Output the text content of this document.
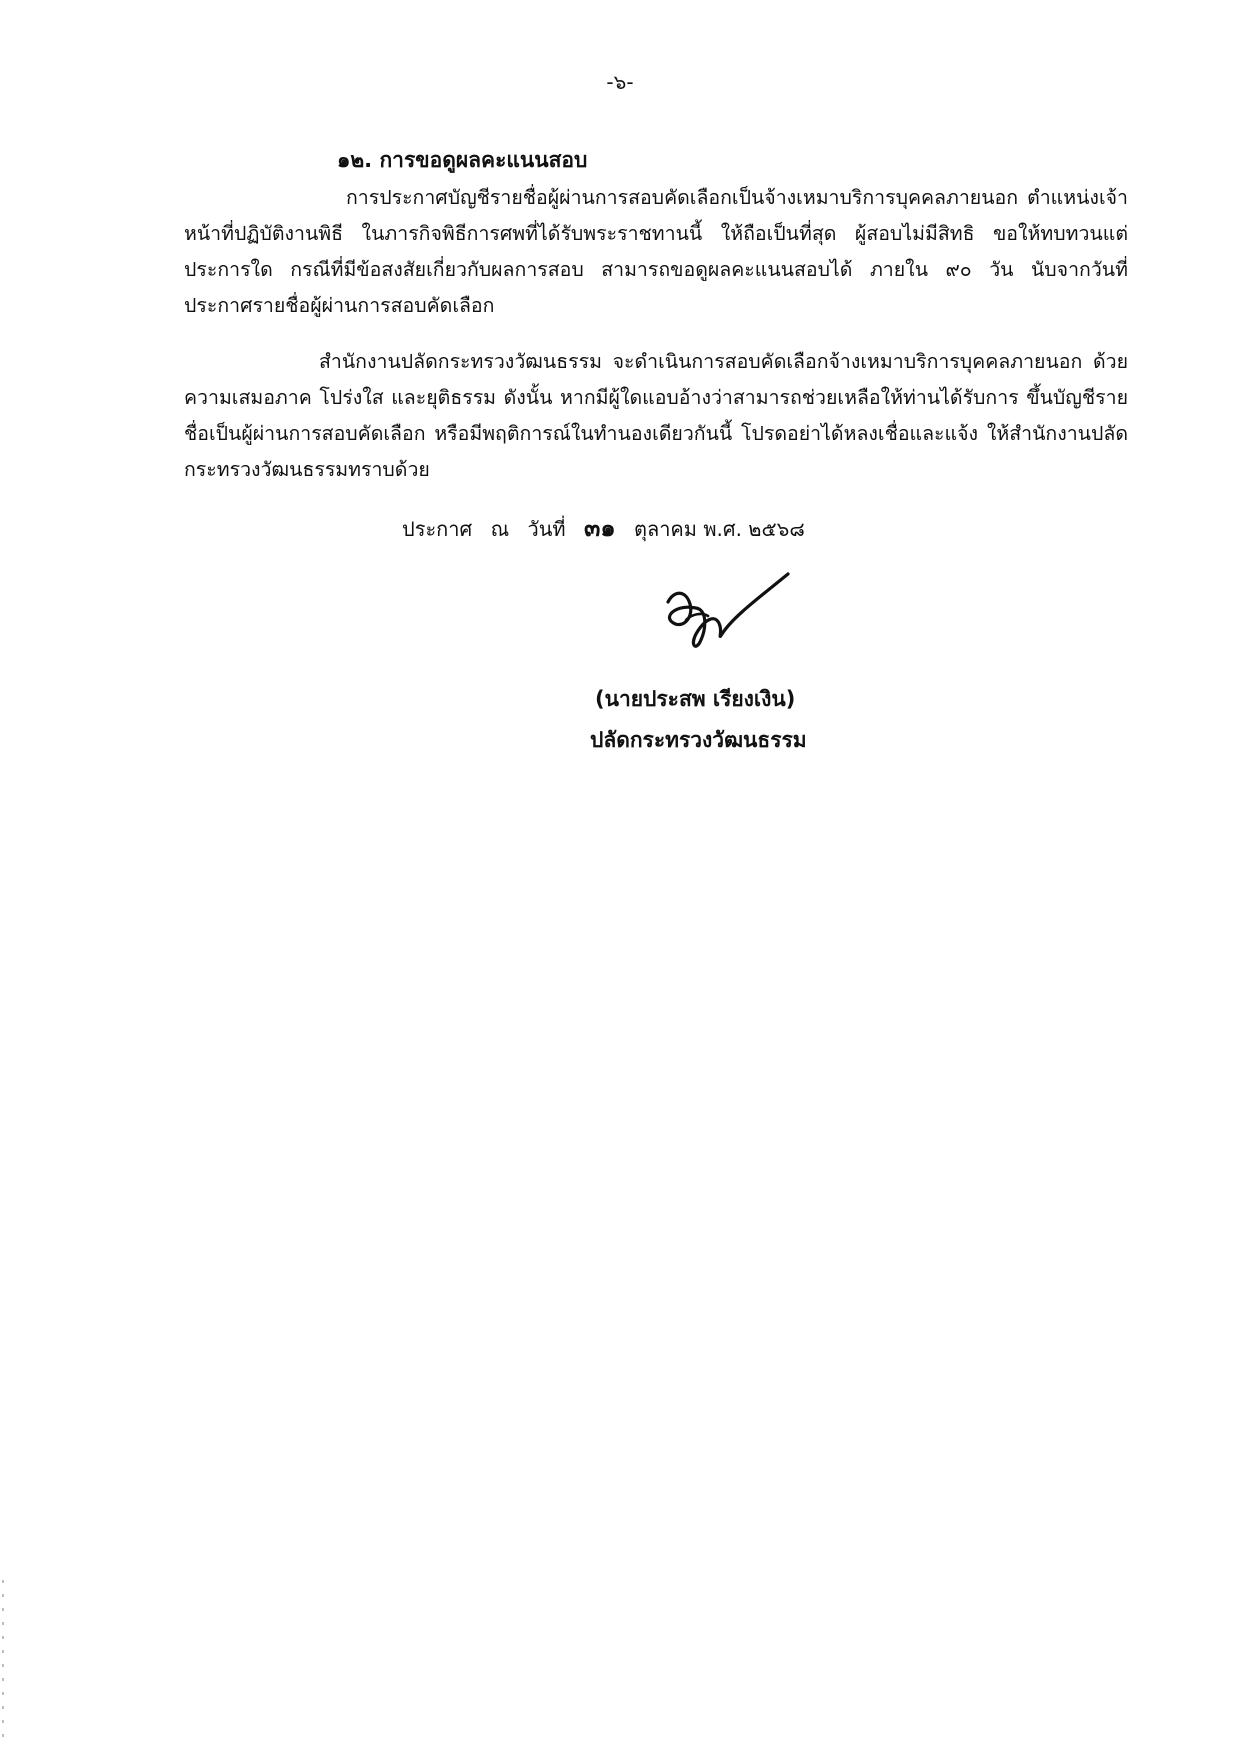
-๖-
๑๒. การขอดูผลคะแนนสอบ
การประกาศบัญชีรายชื่อผู้ผ่านการสอบคัดเลือกเป็นจ้างเหมาบริการบุคคลภายนอก ตำแหน่งเจ้าหน้าที่ปฏิบัติงานพิธี ในภารกิจพิธีการศพที่ได้รับพระราชทานนี้ ให้ถือเป็นที่สุด ผู้สอบไม่มีสิทธิ ขอให้ทบทวนแต่ประการใด กรณีที่มีข้อสงสัยเกี่ยวกับผลการสอบ สามารถขอดูผลคะแนนสอบได้ ภายใน ๙๐ วัน นับจากวันที่ประกาศรายชื่อผู้ผ่านการสอบคัดเลือก
สำนักงานปลัดกระทรวงวัฒนธรรม จะดำเนินการสอบคัดเลือกจ้างเหมาบริการบุคคลภายนอก ด้วยความเสมอภาค โปร่งใส และยุติธรรม ดังนั้น หากมีผู้ใดแอบอ้างว่าสามารถช่วยเหลือให้ท่านได้รับการ ขึ้นบัญชีรายชื่อเป็นผู้ผ่านการสอบคัดเลือก หรือมีพฤติการณ์ในทำนองเดียวกันนี้ โปรดอย่าได้หลงเชื่อและแจ้ง ให้สำนักงานปลัดกระทรวงวัฒนธรรมทราบด้วย
ประกาศ ณ วันที่ ๓๑ ตุลาคม พ.ศ. ๒๕๖๘
(นายประสพ เรียงเงิน)
ปลัดกระทรวงวัฒนธรรม
